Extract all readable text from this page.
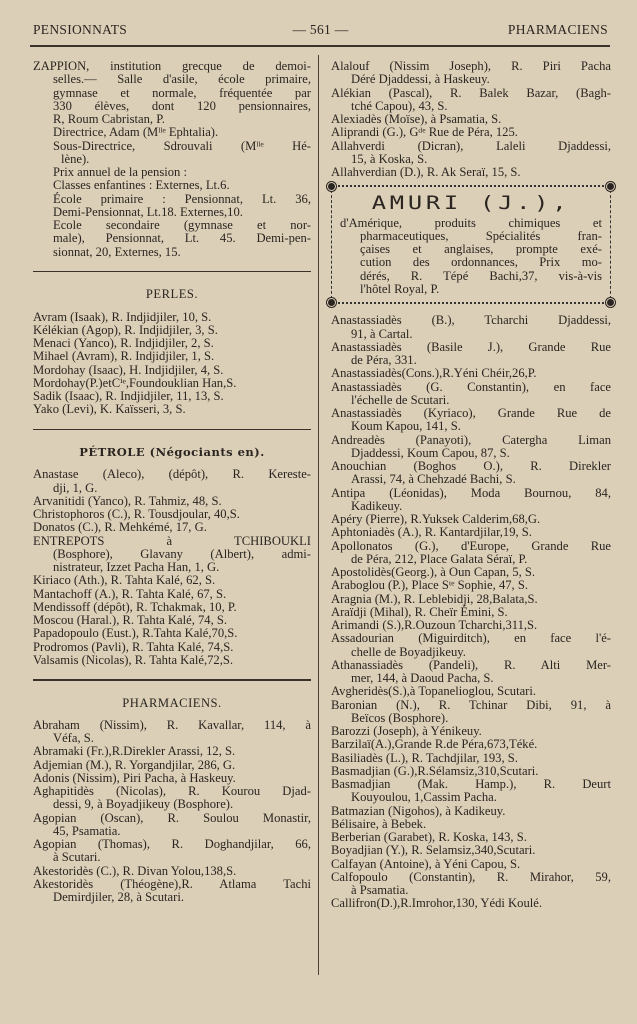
PENSIONNATS	— 561 —	PHARMACIENS
ZAPPION, institution grecque de demoi-
selles.— Salle d'asile, école primaire,
gymnase et normale, fréquentée par
330 élèves, dont 120 pensionnaires,
R, Roum Cabristan, P.
Directrice, Adam (Mˡˡᵉ Ephtalia).
Sous-Directrice, Sdrouvali (Mˡˡᵉ Hé-
lène).
Prix annuel de la pension :
Classes enfantines : Externes, Lt.6.
École primaire : Pensionnat, Lt. 36,
Demi-Pensionnat, Lt.18. Externes,10.
Ecole secondaire (gymnase et nor-
male), Pensionnat, Lt. 45. Demi-pen-
sionnat, 20, Externes, 15.
PERLES.
Avram (Isaak), R. Indjidjiler, 10, S.
Kélékian (Agop), R. Indjidjiler, 3, S.
Menaci (Yanco), R. Indjidjiler, 2, S.
Mihael (Avram), R. Indjidjiler, 1, S.
Mordohay (Isaac), H. Indjidjiler, 4, S.
Mordohay(P.)etCⁱᵉ,Foundouklian Han,S.
Sadik (Isaac), R. Indjidjiler, 11, 13, S.
Yako (Levi), K. Kaïsseri, 3, S.
PÉTROLE (Négociants en).
Anastase (Aleco), (dépôt), R. Kereste-
dji, 1, G.
Arvanitidi (Yanco), R. Tahmiz, 48, S.
Christophoros (C.), R. Tousdjoular, 40,S.
Donatos (C.), R. Mehkémé, 17, G.
ENTREPOTS à TCHIBOUKLI
(Bosphore), Glavany (Albert), admi-
nistrateur, Izzet Pacha Han, 1, G.
Kiriaco (Ath.), R. Tahta Kalé, 62, S.
Mantachoff (A.), R. Tahta Kalé, 67, S.
Mendissoff (dépôt), R. Tchakmak, 10, P.
Moscou (Haral.), R. Tahta Kalé, 74, S.
Papadopoulo (Eust.), R.Tahta Kalé,70,S.
Prodromos (Pavli), R. Tahta Kalé, 74,S.
Valsamis (Nicolas), R. Tahta Kalé,72,S.
PHARMACIENS.
Abraham (Nissim), R. Kavallar, 114, à
Véfa, S.
Abramaki (Fr.),R.Direkler Arassi, 12, S.
Adjemian (M.), R. Yorgandjilar, 286, G.
Adonis (Nissim), Piri Pacha, à Haskeuy.
Aghapitidès (Nicolas), R. Kourou Djad-
dessi, 9, à Boyadjikeuy (Bosphore).
Agopian (Oscan), R. Soulou Monastir,
45, Psamatia.
Agopian (Thomas), R. Doghandjilar, 66,
à Scutari.
Akestoridès (C.), R. Divan Yolou,138,S.
Akestoridès (Théogène),R. Atlama Tachi
Demirdjiler, 28, à Scutari.
Alalouf (Nissim Joseph), R. Piri Pacha
Déré Djaddessi, à Haskeuy.
Alékian (Pascal), R. Balek Bazar, (Bagh-
tché Capou), 43, S.
Alexiadès (Moïse), à Psamatia, S.
Aliprandi (G.), Gᵈᵉ Rue de Péra, 125.
Allahverdi (Dicran), Laleli Djaddessi,
15, à Koska, S.
Allahverdian (D.), R. Ak Seraï, 15, S.
AMURI (J.),
d'Amérique, produits chimiques et
pharmaceutiques, Spécialités fran-
çaises et anglaises, prompte exé-
cution des ordonnances, Prix mo-
dérés, R. Tépé Bachi,37, vis-à-vis
l'hôtel Royal, P.
Anastassiadès (B.), Tcharchi Djaddessi,
91, à Cartal.
Anastassiadès (Basile J.), Grande Rue
de Péra, 331.
Anastassiadès(Cons.),R.Yéni Chéir,26,P.
Anastassiadès (G. Constantin), en face
l'échelle de Scutari.
Anastassiadès (Kyriaco), Grande Rue de
Koum Kapou, 141, S.
Andreadès (Panayoti), Catergha Liman
Djaddessi, Koum Capou, 87, S.
Anouchian (Boghos O.), R. Direkler
Arassi, 74, à Chehzadé Bachi, S.
Antipa (Léonidas), Moda Bournou, 84,
Kadikeuy.
Apéry (Pierre), R.Yuksek Calderim,68,G.
Aphtoniadès (A.), R. Kantardjilar,19, S.
Apollonatos (G.), d'Europe, Grande Rue
de Péra, 212, Place Galata Séraï, P.
Apostolidès(Georg.), à Oun Capan, 5, S.
Araboglou (P.), Place Sᵗᵉ Sophie, 47, S.
Aragnia (M.), R. Leblebidji, 28,Balata,S.
Araïdji (Mihal), R. Cheïr Émini, S.
Arimandi (S.),R.Ouzoun Tcharchi,311,S.
Assadourian (Miguirditch), en face l'é-
chelle de Boyadjikeuy.
Athanassiadès (Pandeli), R. Alti Mer-
mer, 144, à Daoud Pacha, S.
Avgheridès(S.),à Topanelioglou, Scutari.
Baronian (N.), R. Tchinar Dibi, 91, à
Beïcos (Bosphore).
Barozzi (Joseph), à Yénikeuy.
Barzilaï(A.),Grande R.de Péra,673,Téké.
Basiliadès (L.), R. Tachdjilar, 193, S.
Basmadjian (G.),R.Sélamsiz,310,Scutari.
Basmadjian (Mak. Hamp.), R. Deurt
Kouyoulou, 1,Cassim Pacha.
Batmazian (Nigohos), à Kadikeuy.
Bélisaire, à Bebek.
Berberian (Garabet), R. Koska, 143, S.
Boyadjian (Y.), R. Selamsiz,340,Scutari.
Calfayan (Antoine), à Yéni Capou, S.
Calfopoulo (Constantin), R. Mirahor, 59,
à Psamatia.
Callifron(D.),R.Imrohor,130, Yédi Koulé.
